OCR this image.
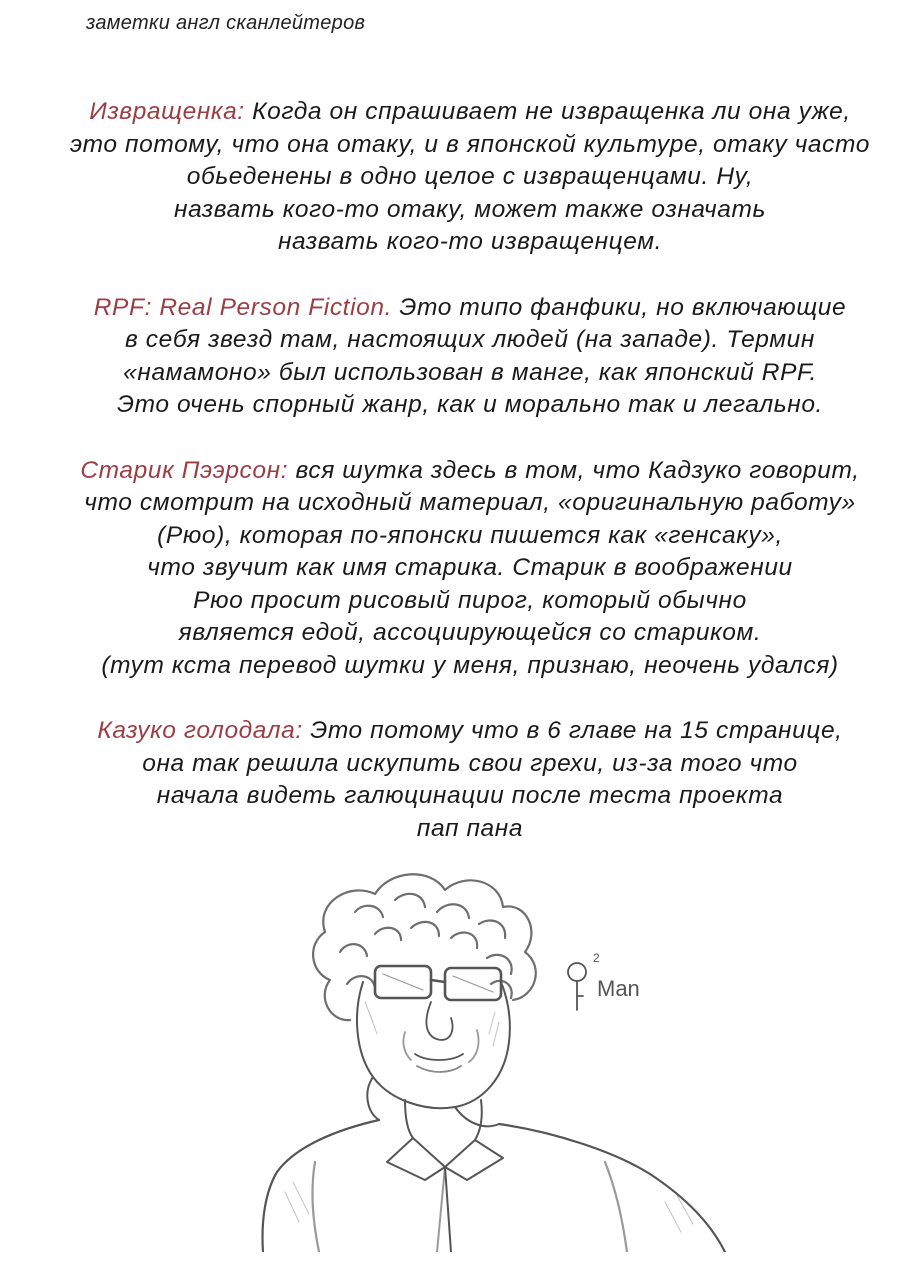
заметки англ сканлейтеров

Извращенка: Когда он спрашивает не извращенка ли она уже,
это потому, что она отаку, и в японской культуре, отаку часто
обьеденены в одно целое с извращенцами. Ну,
назвать кого-то отаку, может также означать
назвать кого-то извращенцем.

RPF: Real Person Fiction. Это типо фанфики, но включающие
в себя звезд там, настоящих людей (на западе). Термин
«намамоно» был использован в манге, как японский RPF.
Это очень спорный жанр, как и морально так и легально.

Старик Пээрсон: вся шутка здесь в том, что Кадзуко говорит,
что смотрит на исходный материал, «оригинальную работу»
(Рюо), которая по-японски пишется как «генсаку»,
что звучит как имя старика. Старик в воображении
Рюо просит рисовый пирог, который обычно
является едой, ассоциирующейся со стариком.
(тут кста перевод шутки у меня, признаю, неочень удался)

Казуко голодала: Это потому что в 6 главе на 15 странице,
она так решила искупить свои грехи, из-за того что
начала видеть галюцинации после теста проекта
пап пана

2
Man
